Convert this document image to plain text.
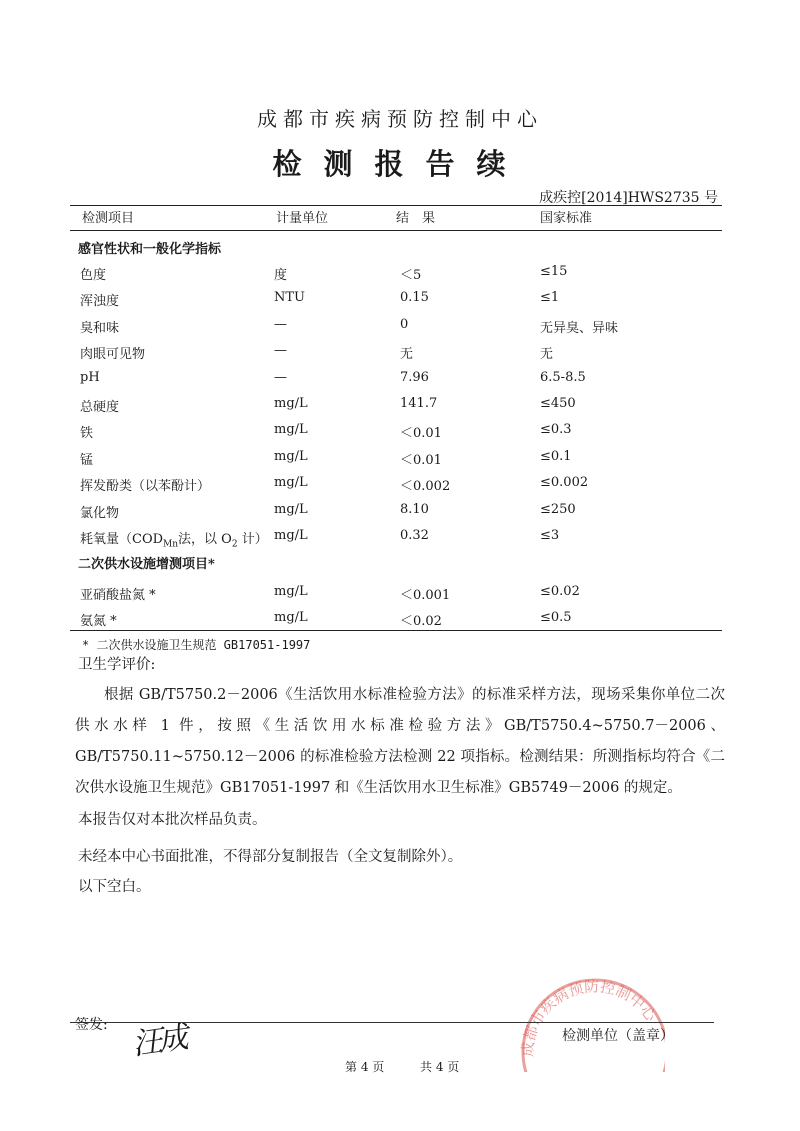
成都市疾病预防控制中心
检测报告续
成疾控[2014]HWS2735 号
检测项目	计量单位	结　果	国家标准
感官性状和一般化学指标
色度	度	＜5	≤15
浑浊度	NTU	0.15	≤1
臭和味	—	0	无异臭、异味
肉眼可见物	—	无	无
pH	—	7.96	6.5-8.5
总硬度	mg/L	141.7	≤450
铁	mg/L	＜0.01	≤0.3
锰	mg/L	＜0.01	≤0.1
挥发酚类（以苯酚计）	mg/L	＜0.002	≤0.002
氯化物	mg/L	8.10	≤250
耗氧量（$COD_{Mn}$法，以 $O_2$ 计） mg/L	0.32	≤3
二次供水设施增测项目*
亚硝酸盐氮 *	mg/L	＜0.001	≤0.02
氨氮 *	mg/L	＜0.02	≤0.5
* 二次供水设施卫生规范 GB17051-1997
卫生学评价:
根据 GB/T5750.2－2006《生活饮用水标准检验方法》的标准采样方法，现场采集你单位二次供水水样 1 件，按照《生活饮用水标准检验方法》GB/T5750.4~5750.7－2006、GB/T5750.11~5750.12－2006 的标准检验方法检测 22 项指标。检测结果：所测指标均符合《二次供水设施卫生规范》GB17051-1997 和《生活饮用水卫生标准》GB5749－2006 的规定。
本报告仅对本批次样品负责。
未经本中心书面批准，不得部分复制报告（全文复制除外）。
以下空白。
成都市疾病预防控制中心
签发: 汪成	检测单位（盖章）
第 4 页	共 4 页
